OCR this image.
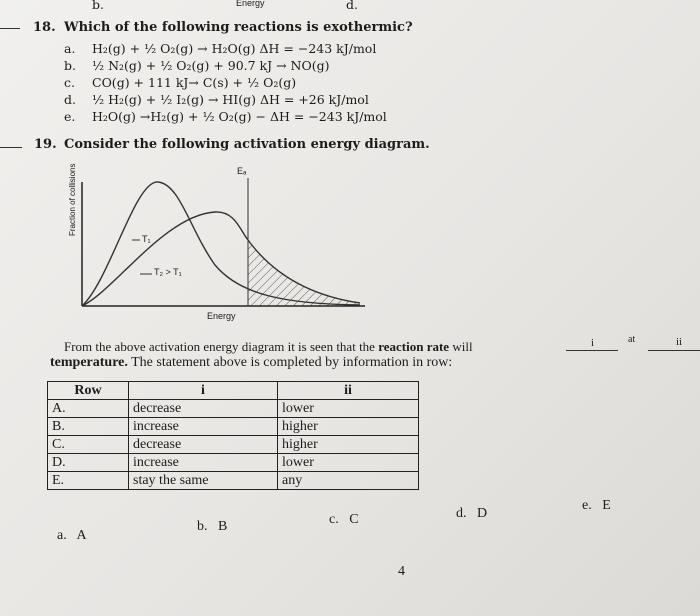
b.	Energy	d.
18. Which of the following reactions is exothermic?
a. H₂(g) + ½ O₂(g) → H₂O(g) ΔH = −243 kJ/mol
b. ½ N₂(g) + ½ O₂(g) + 90.7 kJ → NO(g)
c. CO(g) + 111 kJ→ C(s) + ½ O₂(g)
d. ½ H₂(g) + ½ I₂(g) → HI(g) ΔH = +26 kJ/mol
e. H₂O(g) →H₂(g) + ½ O₂(g) − ΔH = −243 kJ/mol
19. Consider the following activation energy diagram.
Fraction of collisions
Energy
Eₐ
T₁
T₂ > T₁
From the above activation energy diagram it is seen that the reaction rate will	i	at	ii
temperature. The statement above is completed by information in row:
Row	i	ii
A.	decrease	lower
B.	increase	higher
C.	decrease	higher
D.	increase	lower
E.	stay the same	any
a. A
b. B	c. C	d. D
e. E
4
